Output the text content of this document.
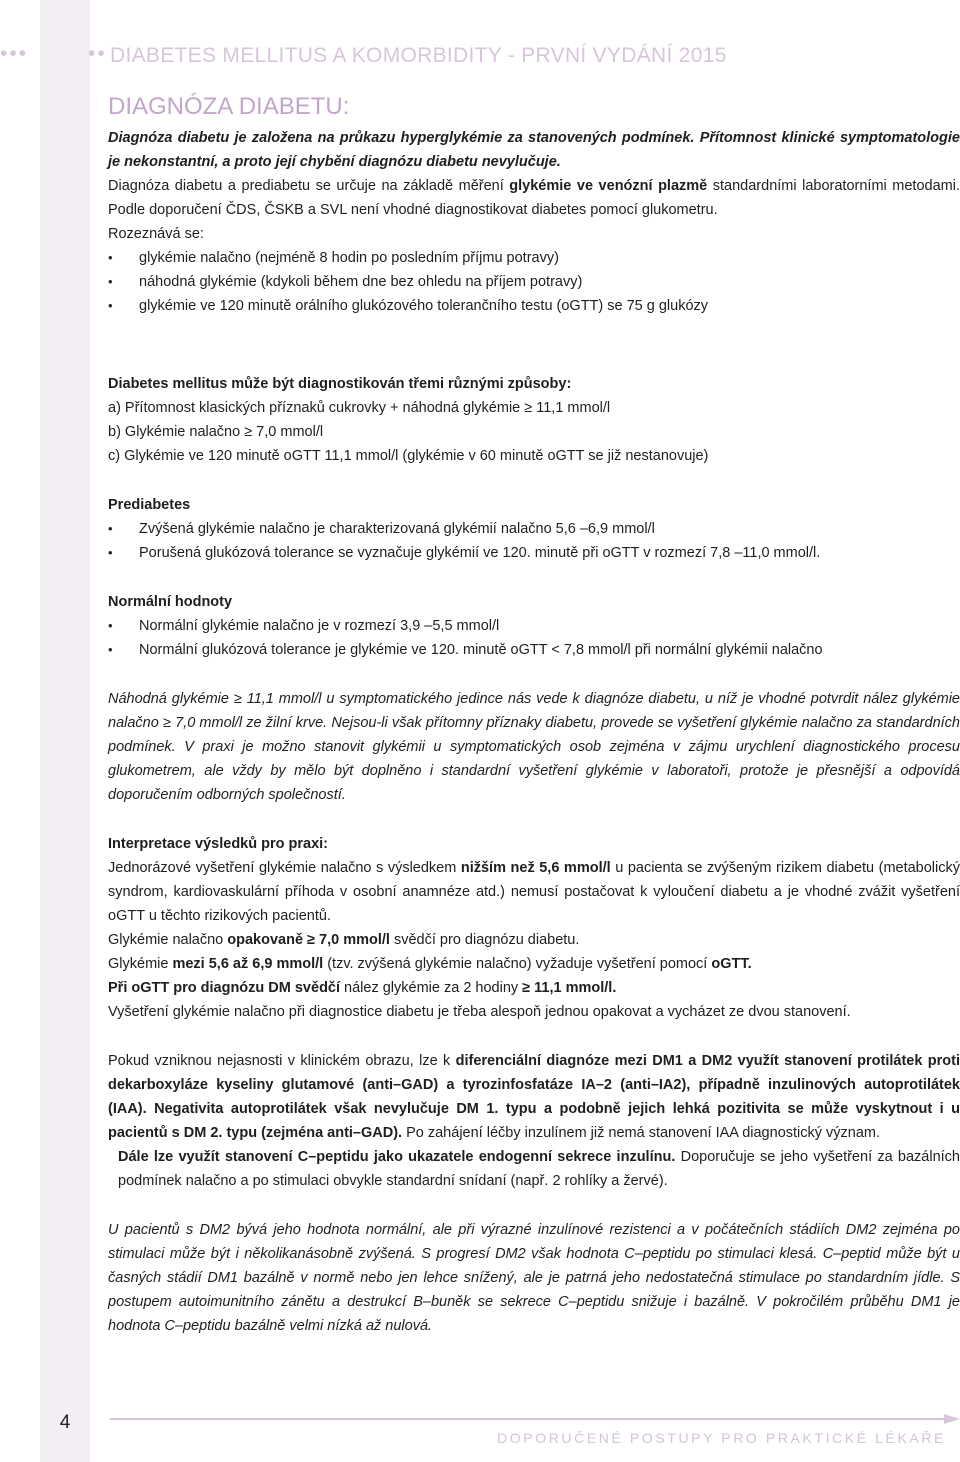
•••	•• DIABETES MELLITUS A KOMORBIDITY - PRVNÍ VYDÁNÍ 2015
DIAGNÓZA DIABETU:

Diagnóza diabetu je založena na průkazu hyperglykémie za stanovených podmínek. Přítomnost klinické symptomatologie je nekonstantní, a proto její chybění diagnózu diabetu nevylučuje.

Diagnóza diabetu a prediabetu se určuje na základě měření glykémie ve venózní plazmě standardními laboratorními metodami. Podle doporučení ČDS, ČSKB a SVL není vhodné diagnostikovat diabetes pomocí glukometru.

Rozeznává se:

• glykémie nalačno (nejméně 8 hodin po posledním příjmu potravy)
• náhodná glykémie (kdykoli během dne bez ohledu na příjem potravy)
• glykémie ve 120 minutě orálního glukózového tolerančního testu (oGTT) se 75 g glukózy

Diabetes mellitus může být diagnostikován třemi různými způsoby:

a) Přítomnost klasických příznaků cukrovky + náhodná glykémie ≥ 11,1 mmol/l

b) Glykémie nalačno ≥ 7,0 mmol/l

c) Glykémie ve 120 minutě oGTT 11,1 mmol/l (glykémie v 60 minutě oGTT se již nestanovuje)

Prediabetes

• Zvýšená glykémie nalačno je charakterizovaná glykémií nalačno 5,6 –6,9 mmol/l
• Porušená glukózová tolerance se vyznačuje glykémií ve 120. minutě při oGTT v rozmezí 7,8 –11,0 mmol/l.

Normální hodnoty

• Normální glykémie nalačno je v rozmezí 3,9 –5,5 mmol/l
• Normální glukózová tolerance je glykémie ve 120. minutě oGTT < 7,8 mmol/l při normální glykémii nalačno

Náhodná glykémie ≥ 11,1 mmol/l u symptomatického jedince nás vede k diagnóze diabetu, u níž je vhodné potvrdit nález glykémie nalačno ≥ 7,0 mmol/l ze žilní krve. Nejsou-li však přítomny příznaky diabetu, provede se vyšetření glykémie nalačno za standardních podmínek. V praxi je možno stanovit glykémii u symptomatických osob zejména v zájmu urychlení diagnostického procesu glukometrem, ale vždy by mělo být doplněno i standardní vyšetření glykémie v laboratoři, protože je přesnější a odpovídá doporučením odborných společností.

Interpretace výsledků pro praxi:

Jednorázové vyšetření glykémie nalačno s výsledkem nižším než 5,6 mmol/l u pacienta se zvýšeným rizikem diabetu (metabolický syndrom, kardiovaskulární příhoda v osobní anamnéze atd.) nemusí postačovat k vyloučení diabetu a je vhodné zvážit vyšetření oGTT u těchto rizikových pacientů.

Glykémie nalačno opakovaně ≥ 7,0 mmol/l svědčí pro diagnózu diabetu.

Glykémie mezi 5,6 až 6,9 mmol/l (tzv. zvýšená glykémie nalačno) vyžaduje vyšetření pomocí oGTT.

Při oGTT pro diagnózu DM svědčí nález glykémie za 2 hodiny ≥ 11,1 mmol/l.

Vyšetření glykémie nalačno při diagnostice diabetu je třeba alespoň jednou opakovat a vycházet ze dvou stanovení.

Pokud vzniknou nejasnosti v klinickém obrazu, lze k diferenciální diagnóze mezi DM1 a DM2 využít stanovení protilátek proti dekarboxyláze kyseliny glutamové (anti–GAD) a tyrozinfosfatáze IA–2 (anti–IA2), případně inzulinových autoprotilátek (IAA). Negativita autoprotilátek však nevylučuje DM 1. typu a podobně jejich lehká pozitivita se může vyskytnout i u pacientů s DM 2. typu (zejména anti–GAD). Po zahájení léčby inzulínem již nemá stanovení IAA diagnostický význam.

Dále lze využít stanovení C–peptidu jako ukazatele endogenní sekrece inzulínu. Doporučuje se jeho vyšetření za bazálních podmínek nalačno a po stimulaci obvykle standardní snídaní (např. 2 rohlíky a žervé).

U pacientů s DM2 bývá jeho hodnota normální, ale při výrazné inzulínové rezistenci a v počátečních stádiích DM2 zejména po stimulaci může být i několikanásobně zvýšená. S progresí DM2 však hodnota C–peptidu po stimulaci klesá. C–peptid může být u časných stádií DM1 bazálně v normě nebo jen lehce snížený, ale je patrná jeho nedostatečná stimulace po standardním jídle. S postupem autoimunitního zánětu a destrukcí B–buněk se sekrece C–peptidu snižuje i bazálně. V pokročilém průběhu DM1 je hodnota C–peptidu bazálně velmi nízká až nulová.

4
DOPORUČENÉ POSTUPY PRO PRAKTICKÉ LÉKAŘE
